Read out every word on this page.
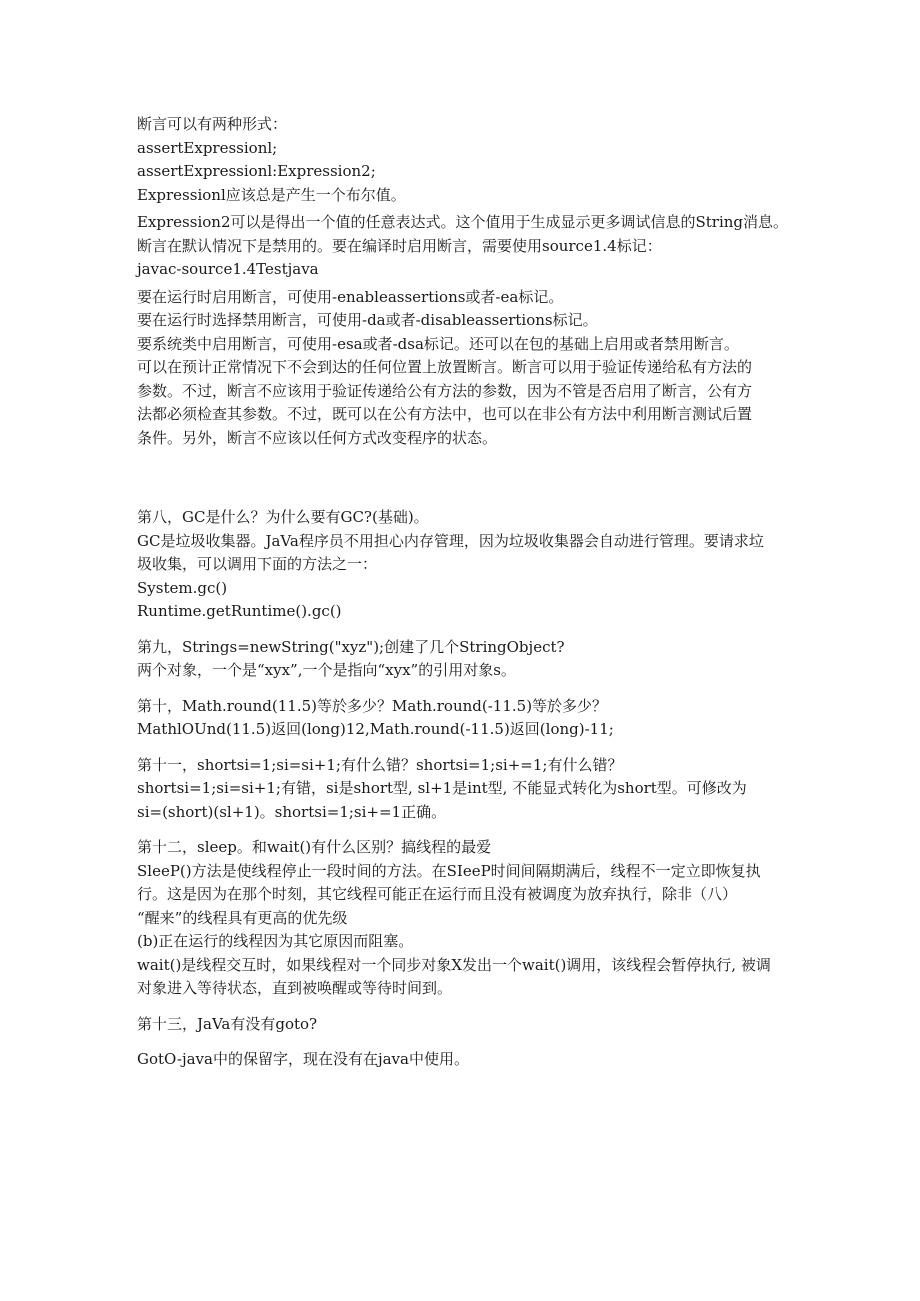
断言可以有两种形式：
assertExpressionl;
assertExpressionl:Expression2;
Expressionl应该总是产生一个布尔值。
Expression2可以是得出一个值的任意表达式。这个值用于生成显示更多调试信息的String消息。
断言在默认情况下是禁用的。要在编译时启用断言，需要使用source1.4标记：
javac-source1.4Testjava
要在运行时启用断言，可使用-enableassertions或者-ea标记。
要在运行时选择禁用断言，可使用-da或者-disableassertions标记。
要系统类中启用断言，可使用-esa或者-dsa标记。还可以在包的基础上启用或者禁用断言。
可以在预计正常情况下不会到达的任何位置上放置断言。断言可以用于验证传递给私有方法的
参数。不过，断言不应该用于验证传递给公有方法的参数，因为不管是否启用了断言，公有方
法都必须检查其参数。不过，既可以在公有方法中，也可以在非公有方法中利用断言测试后置
条件。另外，断言不应该以任何方式改变程序的状态。
第八，GC是什么？为什么要有GC?(基础)。
GC是垃圾收集器。JaVa程序员不用担心内存管理，因为垃圾收集器会自动进行管理。要请求垃
圾收集，可以调用下面的方法之一：
System.gc()
Runtime.getRuntime().gc()
第九，Strings=newString("xyz");创建了几个StringObject?
两个对象，一个是“xyx”,一个是指向“xyx”的引用对象s。
第十，Math.round(11.5)等於多少？Math.round(-11.5)等於多少？
MathlOUnd(11.5)返回(long)12,Math.round(-11.5)返回(long)-11;
第十一，shortsi=1;si=si+1;有什么错？shortsi=1;si+=1;有什么错？
shortsi=1;si=si+1;有错，si是short型, sl+1是int型, 不能显式转化为short型。可修改为
si=(short)(sl+1)。shortsi=1;si+=1正确。
第十二，sleep。和wait()有什么区别？搞线程的最爱
SleeP()方法是使线程停止一段时间的方法。在SIeeP时间间隔期满后，线程不一定立即恢复执
行。这是因为在那个时刻，其它线程可能正在运行而且没有被调度为放弃执行，除非（八）
“醒来”的线程具有更高的优先级
(b)正在运行的线程因为其它原因而阻塞。
wait()是线程交互时，如果线程对一个同步对象X发出一个wait()调用，该线程会暂停执行, 被调
对象进入等待状态，直到被唤醒或等待时间到。
第十三，JaVa有没有goto?
GotO-java中的保留字，现在没有在java中使用。
